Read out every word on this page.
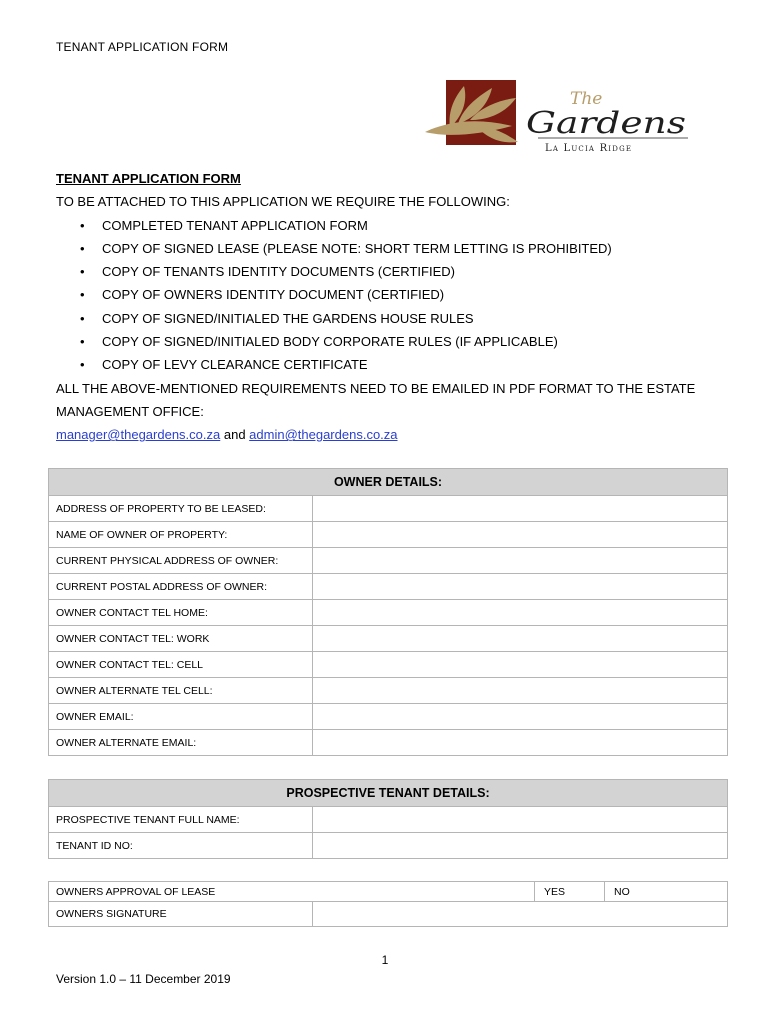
TENANT APPLICATION FORM
The
Gardens
La Lucia Ridge
TENANT APPLICATION FORM
TO BE ATTACHED TO THIS APPLICATION WE REQUIRE THE FOLLOWING:
• COMPLETED TENANT APPLICATION FORM
• COPY OF SIGNED LEASE (PLEASE NOTE: SHORT TERM LETTING IS PROHIBITED)
• COPY OF TENANTS IDENTITY DOCUMENTS (CERTIFIED)
• COPY OF OWNERS IDENTITY DOCUMENT (CERTIFIED)
• COPY OF SIGNED/INITIALED THE GARDENS HOUSE RULES
• COPY OF SIGNED/INITIALED BODY CORPORATE RULES (IF APPLICABLE)
• COPY OF LEVY CLEARANCE CERTIFICATE
ALL THE ABOVE-MENTIONED REQUIREMENTS NEED TO BE EMAILED IN PDF FORMAT TO THE ESTATE MANAGEMENT OFFICE:
manager@thegardens.co.za and admin@thegardens.co.za
OWNER DETAILS:	
ADDRESS OF PROPERTY TO BE LEASED:	
NAME OF OWNER OF PROPERTY:	
CURRENT PHYSICAL ADDRESS OF OWNER:	
CURRENT POSTAL ADDRESS OF OWNER:	
OWNER CONTACT TEL HOME:	
OWNER CONTACT TEL: WORK	
OWNER CONTACT TEL: CELL	
OWNER ALTERNATE TEL CELL:	
OWNER EMAIL:	
OWNER ALTERNATE EMAIL:	
PROSPECTIVE TENANT DETAILS:	
PROSPECTIVE TENANT FULL NAME:	
TENANT ID NO:	
OWNERS APPROVAL OF LEASE		YES	NO
OWNERS SIGNATURE	
1
Version 1.0 – 11 December 2019
